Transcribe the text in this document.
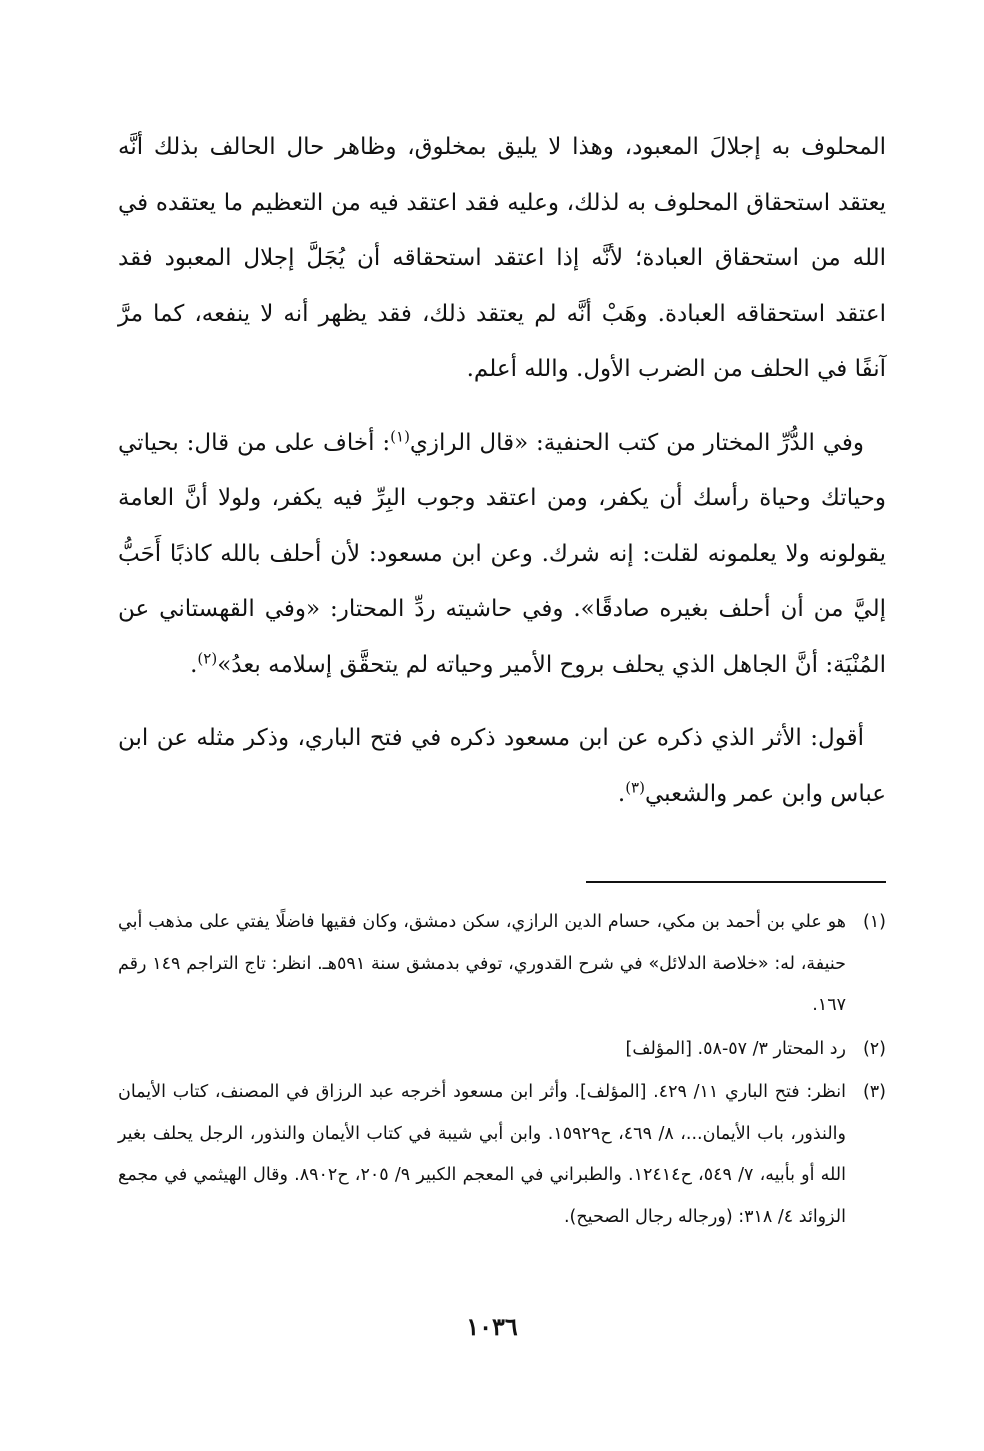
المحلوف به إجلالَ المعبود، وهذا لا يليق بمخلوق، وظاهر حال الحالف بذلك أنَّه يعتقد استحقاق المحلوف به لذلك، وعليه فقد اعتقد فيه من التعظيم ما يعتقده في الله من استحقاق العبادة؛ لأنَّه إذا اعتقد استحقاقه أن يُجَلَّ إجلال المعبود فقد اعتقد استحقاقه العبادة. وهَبْ أنَّه لم يعتقد ذلك، فقد يظهر أنه لا ينفعه، كما مرَّ آنفًا في الحلف من الضرب الأول. والله أعلم.

وفي الدُّرِّ المختار من كتب الحنفية: «قال الرازي$^{(١)}$: أخاف على من قال: بحياتي وحياتك وحياة رأسك أن يكفر، ومن اعتقد وجوب البِرِّ فيه يكفر، ولولا أنَّ العامة يقولونه ولا يعلمونه لقلت: إنه شرك. وعن ابن مسعود: لأن أحلف بالله كاذبًا أَحَبُّ إليَّ من أن أحلف بغيره صادقًا». وفي حاشيته ردِّ المحتار: «وفي القهستاني عن المُنْيَة: أنَّ الجاهل الذي يحلف بروح الأمير وحياته لم يتحقَّق إسلامه بعدُ»$^{(٢)}$.

أقول: الأثر الذي ذكره عن ابن مسعود ذكره في فتح الباري، وذكر مثله عن ابن عباس وابن عمر والشعبي$^{(٣)}$.

(١)
هو علي بن أحمد بن مكي، حسام الدين الرازي، سكن دمشق، وكان فقيها فاضلًا يفتي على مذهب أبي حنيفة، له: «خلاصة الدلائل» في شرح القدوري، توفي بدمشق سنة ٥٩١هـ. انظر: تاج التراجم ١٤٩ رقم ١٦٧.
(٢)
رد المحتار ٣/ ٥٧-٥٨. [المؤلف]
(٣)
انظر: فتح الباري ١١/ ٤٢٩. [المؤلف]. وأثر ابن مسعود أخرجه عبد الرزاق في المصنف، كتاب الأيمان والنذور، باب الأيمان...، ٨/ ٤٦٩، ح١٥٩٢٩. وابن أبي شيبة في كتاب الأيمان والنذور، الرجل يحلف بغير الله أو بأبيه، ٧/ ٥٤٩، ح١٢٤١٤. والطبراني في المعجم الكبير ٩/ ٢٠٥، ح٨٩٠٢. وقال الهيثمي في مجمع الزوائد ٤/ ٣١٨: (ورجاله رجال الصحيح).
١٠٣٦
